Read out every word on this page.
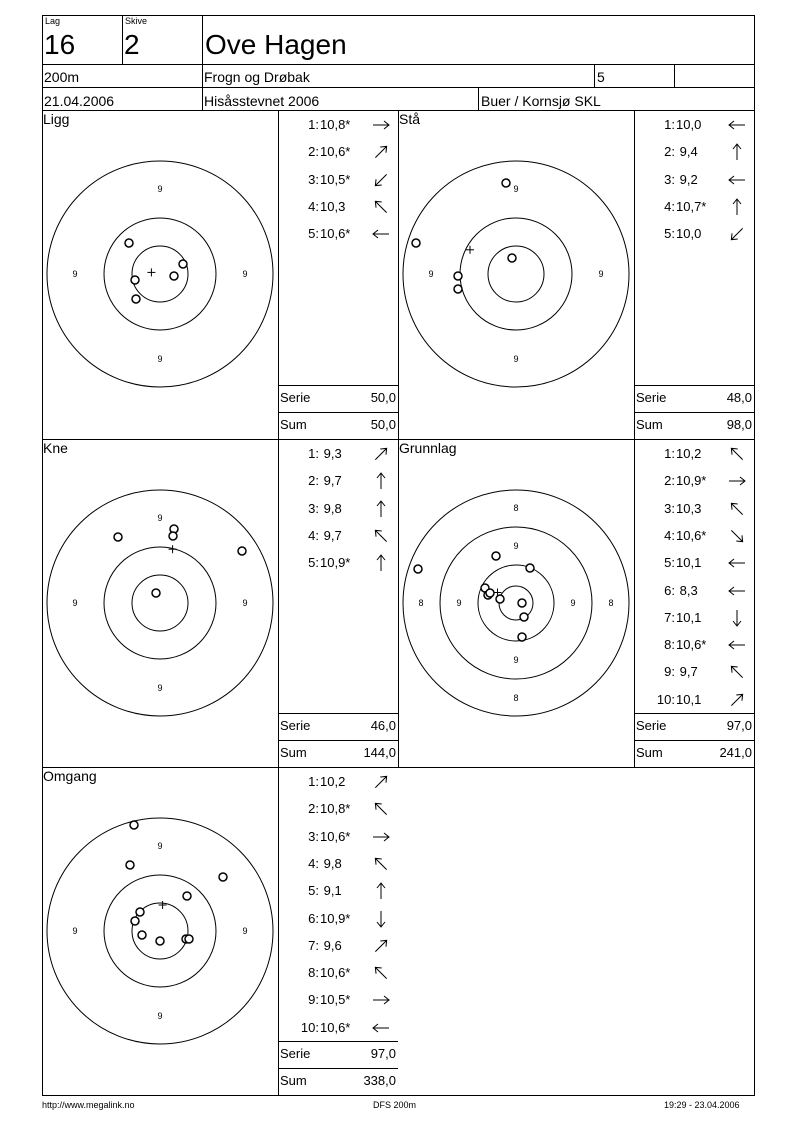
Lag
16
Skive
2 Ove Hagen
200m	Frogn og Drøbak	5
21.04.2006	Hisåsstevnet 2006	Buer / Kornsjø SKL
Ligg
9
9
9	9
1: 10,8*
2: 10,6*
3: 10,5*
4: 10,3
5: 10,6*
Serie	50,0
Sum	50,0
Stå
9
9
9	9
1: 10,0
2: 9,4
3: 9,2
4: 10,7*
5: 10,0
Serie	48,0
Sum	98,0
Kne
9
9
9	9
1: 9,3
2: 9,7
3: 9,8
4: 9,7
5: 10,9*
Serie	46,0
Sum	144,0
Grunnlag
8
8
8	8
9
9
9	9
1: 10,2
2: 10,9*
3: 10,3
4: 10,6*
5: 10,1
6: 8,3
7: 10,1
8: 10,6*
9: 9,7
10: 10,1
Serie	97,0
Sum	241,0
Omgang
9
9
9	9
1: 10,2
2: 10,8*
3: 10,6*
4: 9,8
5: 9,1
6: 10,9*
7: 9,6
8: 10,6*
9: 10,5*
10: 10,6*
Serie	97,0
Sum	338,0
http://www.megalink.no	DFS 200m	19:29 - 23.04.2006
